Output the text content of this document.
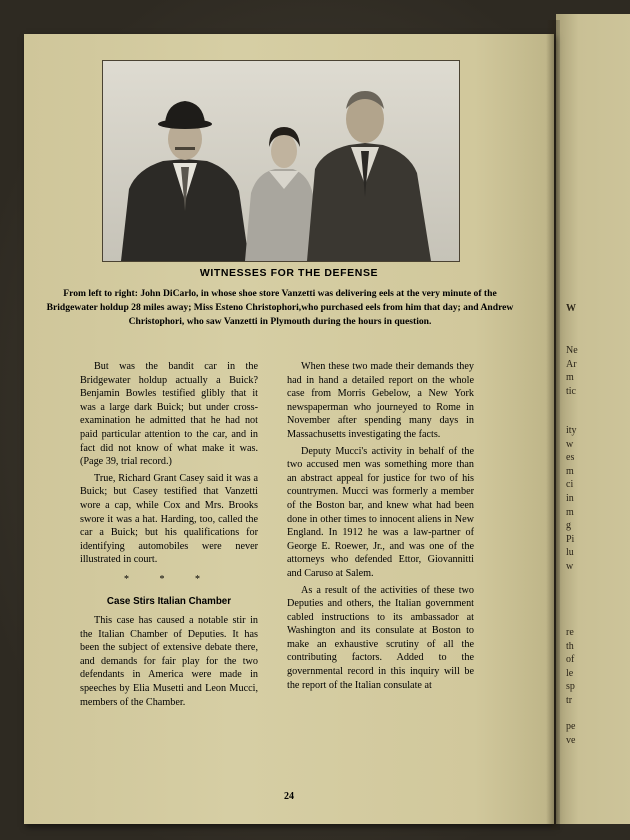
W
Ne
Ar
m
tic
ity
w
es
m
ci
in
m
g
Pi
lu
w
re
th
of
le
sp
tr
pe
ve
WITNESSES FOR THE DEFENSE
From left to right: John DiCarlo, in whose shoe store Vanzetti was delivering eels at the very minute of the Bridgewater holdup 28 miles away; Miss Esteno Christophori,who purchased eels from him that day; and Andrew Christophori, who saw Vanzetti in Plymouth during the hours in question.

But was the bandit car in the Bridgewater holdup actually a Buick? Benjamin Bowles testified glibly that it was a large dark Buick; but under cross-examination he admitted that he had not paid particular attention to the car, and in fact did not know of what make it was. (Page 39, trial record.)

True, Richard Grant Casey said it was a Buick; but Casey testified that Vanzetti wore a cap, while Cox and Mrs. Brooks swore it was a hat. Harding, too, called the car a Buick; but his qualifications for identifying automobiles were never illustrated in court.

* * *
Case Stirs Italian Chamber

This case has caused a notable stir in the Italian Chamber of Deputies. It has been the subject of extensive debate there, and demands for fair play for the two defendants in America were made in speeches by Elia Musetti and Leon Mucci, members of the Chamber.

When these two made their demands they had in hand a detailed report on the whole case from Morris Gebelow, a New York newspaperman who journeyed to Rome in November after spending many days in Massachusetts investigating the facts.

Deputy Mucci's activity in behalf of the two accused men was something more than an abstract appeal for justice for two of his countrymen. Mucci was formerly a member of the Boston bar, and knew what had been done in other times to innocent aliens in New England. In 1912 he was a law-partner of George E. Roewer, Jr., and was one of the attorneys who defended Ettor, Giovannitti and Caruso at Salem.

As a result of the activities of these two Deputies and others, the Italian government cabled instructions to its ambassador at Washington and its consulate at Boston to make an exhaustive scrutiny of all the contributing factors. Added to the governmental record in this inquiry will be the report of the Italian consulate at

24
